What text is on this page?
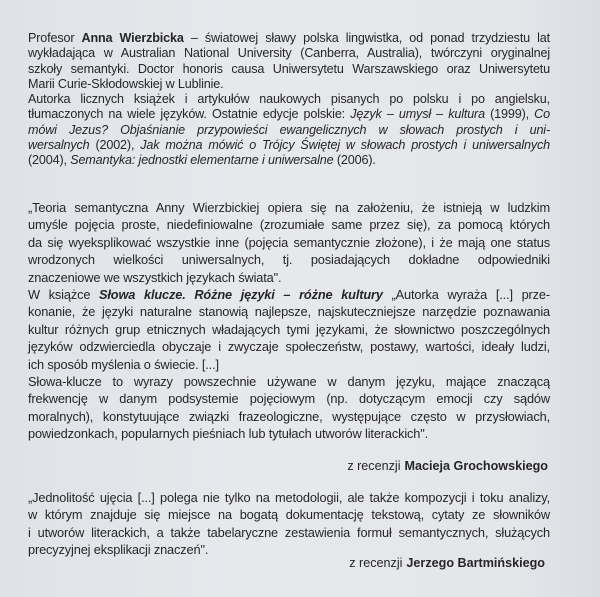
Profesor Anna Wierzbicka – światowej sławy polska lingwistka, od ponad trzydziestu lat
wykładająca w Australian National University (Canberra, Australia), twórczyni oryginalnej
szkoły semantyki. Doctor honoris causa Uniwersytetu Warszawskiego oraz Uniwersytetu
Marii Curie-Skłodowskiej w Lublinie.
Autorka licznych książek i artykułów naukowych pisanych po polsku i po angielsku,
tłumaczonych na wiele języków. Ostatnie edycje polskie: Język – umysł – kultura (1999), Co
mówi Jezus? Objaśnianie przypowieści ewangelicznych w słowach prostych i uni-
wersalnych (2002), Jak można mówić o Trójcy Świętej w słowach prostych i uniwersalnych
(2004), Semantyka: jednostki elementarne i uniwersalne (2006).
„Teoria semantyczna Anny Wierzbickiej opiera się na założeniu, że istnieją w ludzkim
umyśle pojęcia proste, niedefiniowalne (zrozumiałe same przez się), za pomocą których
da się wyeksplikować wszystkie inne (pojęcia semantycznie złożone), i że mają one status
wrodzonych wielkości uniwersalnych, tj. posiadających dokładne odpowiedniki
znaczeniowe we wszystkich językach świata".
W książce Słowa klucze. Różne języki – różne kultury „Autorka wyraża [...] prze-
konanie, że języki naturalne stanowią najlepsze, najskuteczniejsze narzędzie poznawania
kultur różnych grup etnicznych władających tymi językami, że słownictwo poszczególnych
języków odzwierciedla obyczaje i zwyczaje społeczeństw, postawy, wartości, ideały ludzi,
ich sposób myślenia o świecie. [...]
Słowa-klucze to wyrazy powszechnie używane w danym języku, mające znaczącą
frekwencję w danym podsystemie pojęciowym (np. dotyczącym emocji czy sądów
moralnych), konstytuujące związki frazeologiczne, występujące często w przysłowiach,
powiedzonkach, popularnych pieśniach lub tytułach utworów literackich".
z recenzji Macieja Grochowskiego
„Jednolitość ujęcia [...] polega nie tylko na metodologii, ale także kompozycji i toku analizy,
w którym znajduje się miejsce na bogatą dokumentację tekstową, cytaty ze słowników
i utworów literackich, a także tabelaryczne zestawienia formuł semantycznych, służących
precyzyjnej eksplikacji znaczeń".
z recenzji Jerzego Bartmińskiego
